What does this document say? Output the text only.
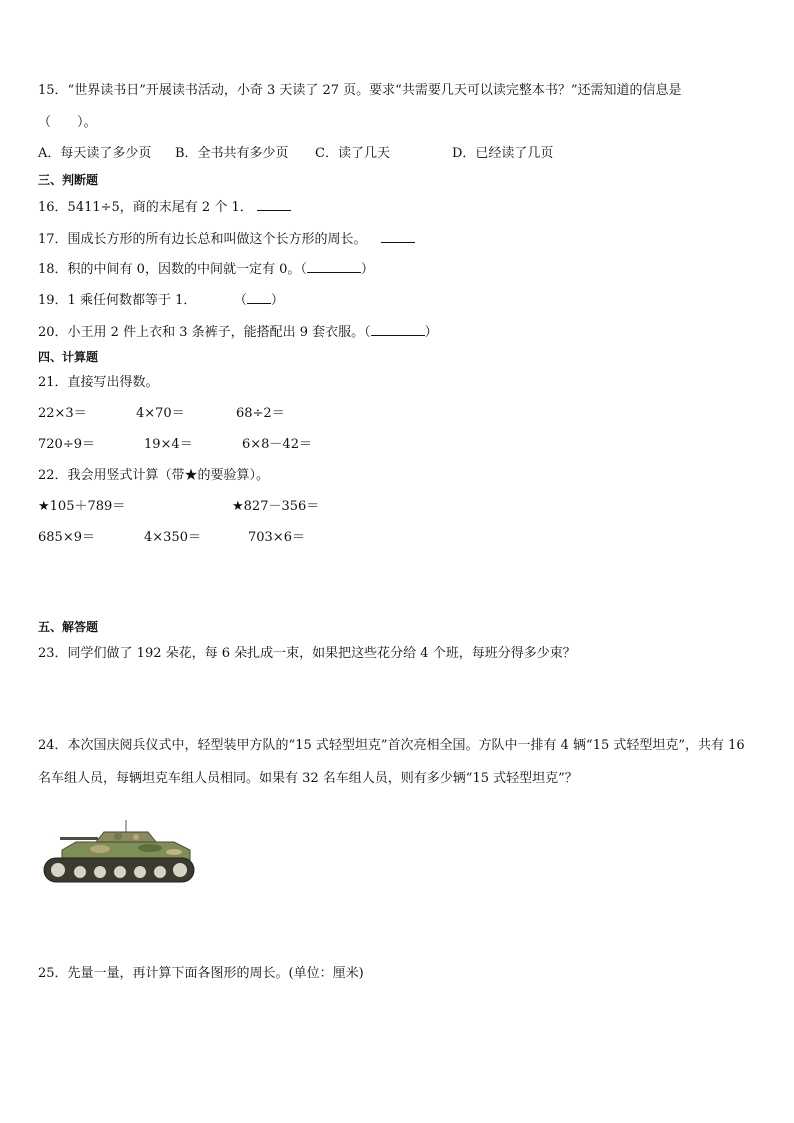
15．“世界读书日”开展读书活动，小奇 3 天读了 27 页。要求“共需要几天可以读完整本书？”还需知道的信息是
（　　）。
A．每天读了多少页 B．全书共有多少页 C．读了几天	D．已经读了几页
三、判断题
16．5411÷5，商的末尾有 2 个 1．
17．围成长方形的所有边长总和叫做这个长方形的周长。
18．积的中间有 0，因数的中间就一定有 0。（	）
19．1 乘任何数都等于 1．	（ ）
20．小王用 2 件上衣和 3 条裤子，能搭配出 9 套衣服。（	）
四、计算题
21．直接写出得数。
22×3＝	4×70＝	68÷2＝
720÷9＝	19×4＝	6×8－42＝
22．我会用竖式计算（带★的要验算）。
★105＋789＝	★827－356＝
685×9＝	4×350＝	703×6＝
五、解答题
23．同学们做了 192 朵花，每 6 朵扎成一束，如果把这些花分给 4 个班，每班分得多少束？
24．本次国庆阅兵仪式中，轻型装甲方队的“15 式轻型坦克”首次亮相全国。方队中一排有 4 辆“15 式轻型坦克”，共有 16
名车组人员，每辆坦克车组人员相同。如果有 32 名车组人员，则有多少辆“15 式轻型坦克”？
25．先量一量，再计算下面各图形的周长。(单位：厘米)
